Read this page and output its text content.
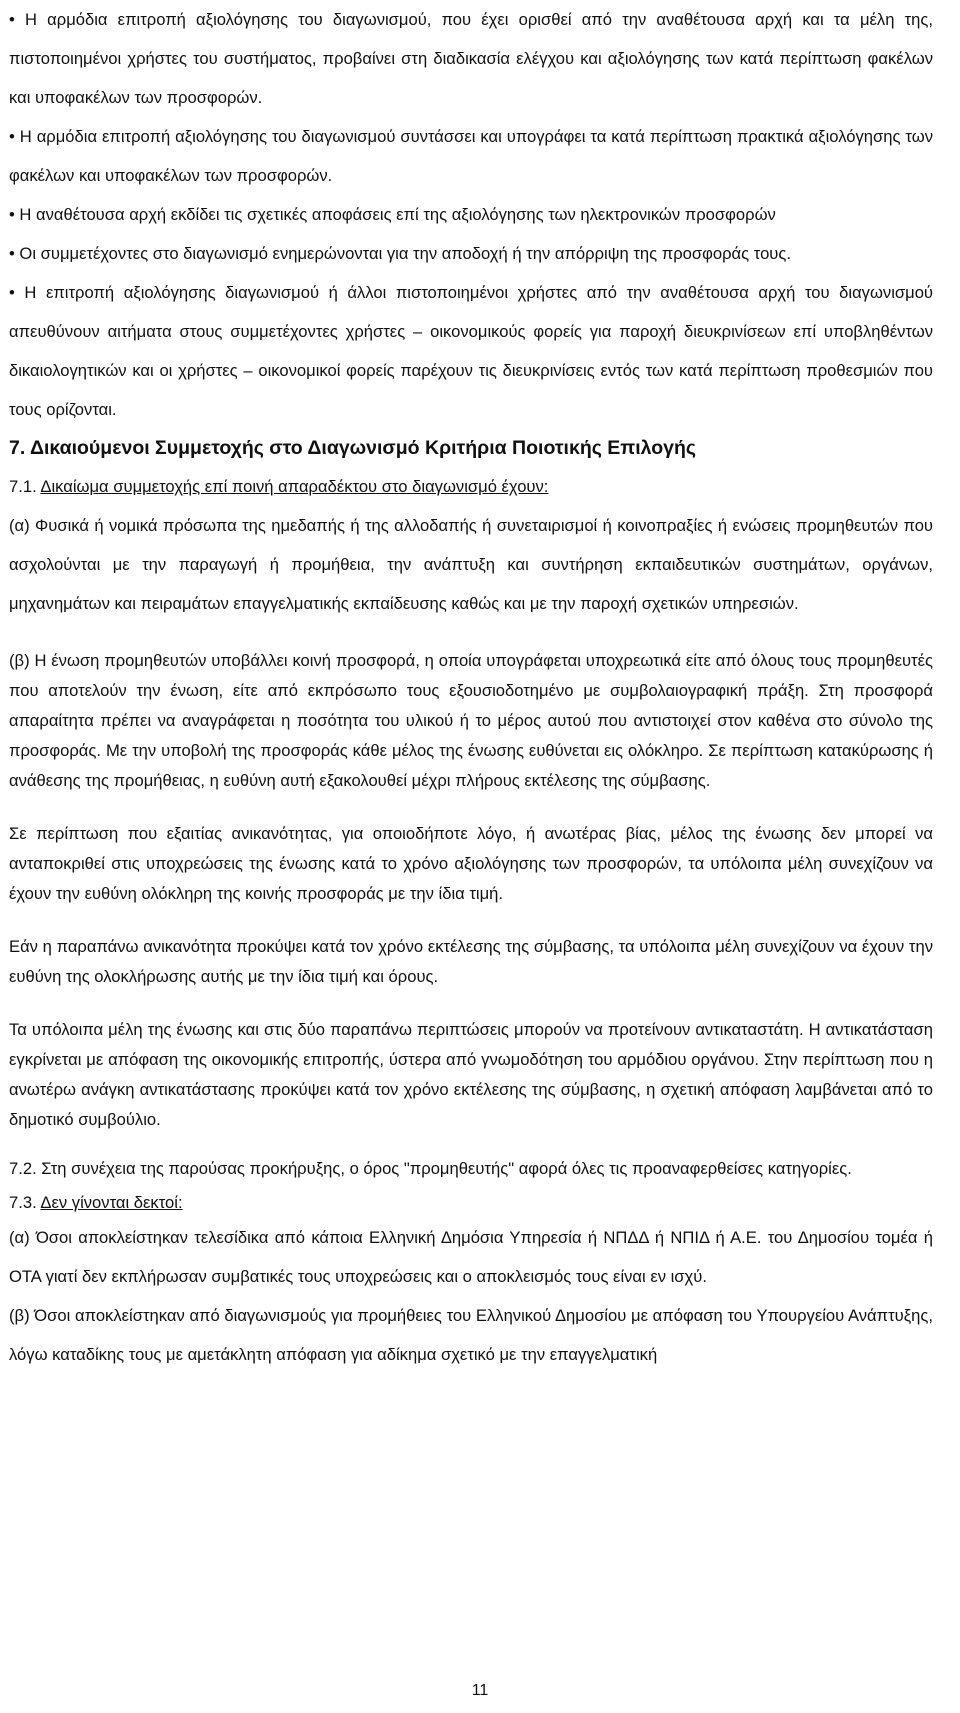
• Η αρμόδια επιτροπή αξιολόγησης του διαγωνισμού, που έχει ορισθεί από την αναθέτουσα αρχή και τα μέλη της, πιστοποιημένοι χρήστες του συστήματος, προβαίνει στη διαδικασία ελέγχου και αξιολόγησης των κατά περίπτωση φακέλων και υποφακέλων των προσφορών.

• Η αρμόδια επιτροπή αξιολόγησης του διαγωνισμού συντάσσει και υπογράφει τα κατά περίπτωση πρακτικά αξιολόγησης των φακέλων και υποφακέλων των προσφορών.

• Η αναθέτουσα αρχή εκδίδει τις σχετικές αποφάσεις επί της αξιολόγησης των ηλεκτρονικών προσφορών

• Οι συμμετέχοντες στο διαγωνισμό ενημερώνονται για την αποδοχή ή την απόρριψη της προσφοράς τους.

• Η επιτροπή αξιολόγησης διαγωνισμού ή άλλοι πιστοποιημένοι χρήστες από την αναθέτουσα αρχή του διαγωνισμού απευθύνουν αιτήματα στους συμμετέχοντες χρήστες – οικονομικούς φορείς για παροχή διευκρινίσεων επί υποβληθέντων δικαιολογητικών και οι χρήστες – οικονομικοί φορείς παρέχουν τις διευκρινίσεις εντός των κατά περίπτωση προθεσμιών που τους ορίζονται.

7. Δικαιούμενοι Συμμετοχής στο Διαγωνισμό Κριτήρια Ποιοτικής Επιλογής

7.1. Δικαίωμα συμμετοχής επί ποινή απαραδέκτου στο διαγωνισμό έχουν:

(α) Φυσικά ή νομικά πρόσωπα της ημεδαπής ή της αλλοδαπής ή συνεταιρισμοί ή κοινοπραξίες ή ενώσεις προμηθευτών που ασχολούνται με την παραγωγή ή προμήθεια, την ανάπτυξη και συντήρηση εκπαιδευτικών συστημάτων, οργάνων, μηχανημάτων και πειραμάτων επαγγελματικής εκπαίδευσης καθώς και με την παροχή σχετικών υπηρεσιών.

(β) Η ένωση προμηθευτών υποβάλλει κοινή προσφορά, η οποία υπογράφεται υποχρεωτικά είτε από όλους τους προμηθευτές που αποτελούν την ένωση, είτε από εκπρόσωπο τους εξουσιοδοτημένο με συμβολαιογραφική πράξη. Στη προσφορά απαραίτητα πρέπει να αναγράφεται η ποσότητα του υλικού ή το μέρος αυτού που αντιστοιχεί στον καθένα στο σύνολο της προσφοράς. Με την υποβολή της προσφοράς κάθε μέλος της ένωσης ευθύνεται εις ολόκληρο. Σε περίπτωση κατακύρωσης ή ανάθεσης της προμήθειας, η ευθύνη αυτή εξακολουθεί μέχρι πλήρους εκτέλεσης της σύμβασης.

Σε περίπτωση που εξαιτίας ανικανότητας, για οποιοδήποτε λόγο, ή ανωτέρας βίας, μέλος της ένωσης δεν μπορεί να ανταποκριθεί στις υποχρεώσεις της ένωσης κατά το χρόνο αξιολόγησης των προσφορών, τα υπόλοιπα μέλη συνεχίζουν να έχουν την ευθύνη ολόκληρη της κοινής προσφοράς με την ίδια τιμή.

Εάν η παραπάνω ανικανότητα προκύψει κατά τον χρόνο εκτέλεσης της σύμβασης, τα υπόλοιπα μέλη συνεχίζουν να έχουν την ευθύνη της ολοκλήρωσης αυτής με την ίδια τιμή και όρους.

Τα υπόλοιπα μέλη της ένωσης και στις δύο παραπάνω περιπτώσεις μπορούν να προτείνουν αντικαταστάτη. Η αντικατάσταση εγκρίνεται με απόφαση της οικονομικής επιτροπής, ύστερα από γνωμοδότηση του αρμόδιου οργάνου. Στην περίπτωση που η ανωτέρω ανάγκη αντικατάστασης προκύψει κατά τον χρόνο εκτέλεσης της σύμβασης, η σχετική απόφαση λαμβάνεται από το δημοτικό συμβούλιο.

7.2. Στη συνέχεια της παρούσας προκήρυξης, ο όρος "προμηθευτής" αφορά όλες τις προαναφερθείσες κατηγορίες.

7.3. Δεν γίνονται δεκτοί:

(α) Όσοι αποκλείστηκαν τελεσίδικα από κάποια Ελληνική Δημόσια Υπηρεσία ή ΝΠΔΔ ή ΝΠΙΔ ή Α.Ε. του Δημοσίου τομέα ή ΟΤΑ γιατί δεν εκπλήρωσαν συμβατικές τους υποχρεώσεις και ο αποκλεισμός τους είναι εν ισχύ.

(β) Όσοι αποκλείστηκαν από διαγωνισμούς για προμήθειες του Ελληνικού Δημοσίου με απόφαση του Υπουργείου Ανάπτυξης, λόγω καταδίκης τους με αμετάκλητη απόφαση για αδίκημα σχετικό με την επαγγελματική

11
